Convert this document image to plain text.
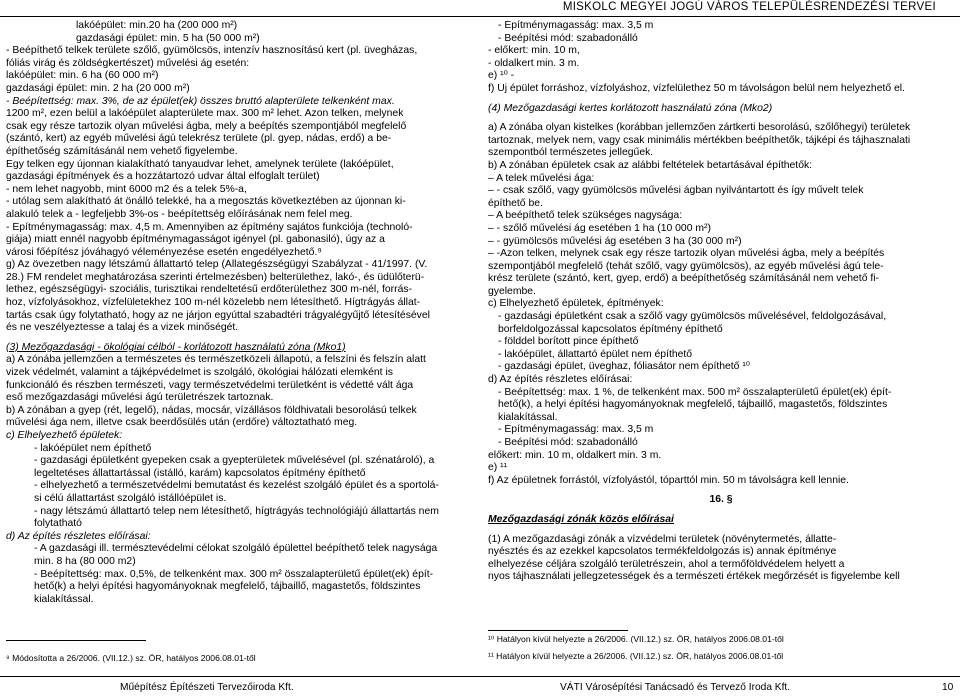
MISKOLC MEGYEI JOGÚ VÁROS TELEPÜLÉSRENDEZÉSI TERVEI
lakóépület: min.20 ha (200 000 m²)
gazdasági épület: min. 5 ha (50 000 m²)
- Beépíthető telkek területe szőlő, gyümölcsös, intenzív hasznosítású kert (pl. üvegházas,
fóliás virág és zöldségkertészet) művelési ág esetén:
lakóépület: min. 6 ha (60 000 m²)
gazdasági épület: min. 2 ha (20 000 m²)
- Beépítettség: max. 3%, de az épület(ek) összes bruttó alapterülete telkenként max.
1200 m², ezen belül a lakóépület alapterülete max. 300 m² lehet. Azon telken, melynek
csak egy része tartozik olyan művelési ágba, mely a beépítés szempontjából megfelelő
(szántó, kert) az egyéb művelési ágú telekrész területe (pl. gyep, nádas, erdő) a be-
építhetőség számításánál nem vehető figyelembe.
Egy telken egy újonnan kialakítható tanyaudvar lehet, amelynek területe (lakóépület,
gazdasági építmények és a hozzátartozó udvar által elfoglalt terület)
- nem lehet nagyobb, mint 6000 m2 és a telek 5%-a,
- utólag sem alakítható át önálló telekké, ha a megosztás következtében az újonnan ki-
alakuló telek a - legfeljebb 3%-os - beépítettség előírásának nem felel meg.
- Építménymagasság: max. 4,5 m. Amennyiben az építmény sajátos funkciója (technoló-
giája) miatt ennél nagyobb építménymagasságot igényel (pl. gabonasiló), úgy az a
városi főépítész jóváhagyó véleményezése esetén engedélyezhető.⁹
g) Az övezetben nagy létszámú állattartó telep (Állategészségügyi Szabályzat - 41/1997. (V.
28.) FM rendelet meghatározása szerinti értelmezésben) belterülethez, lakó-, és üdülőterü-
lethez, egészségügyi- szociális, turisztikai rendeltetésű erdőterülethez 300 m-nél, forrás-
hoz, vízfolyásokhoz, vízfelületekhez 100 m-nél közelebb nem létesíthető. Hígtrágyás állat-
tartás csak úgy folytatható, hogy az ne járjon egyúttal szabadtéri trágyalégyűjtő létesítésével
és ne veszélyeztesse a talaj és a vizek minőségét.
(3) Mezőgazdasági - ökológiai célból - korlátozott használatú zóna (Mko1)
a) A zónába jellemzően a természetes és természetközeli állapotú, a felszíni és felszín alatt
vizek védelmét, valamint a tájképvédelmet is szolgáló, ökológiai hálózati elemként is
funkcionáló és részben természeti, vagy természetvédelmi területként is védetté vált ága
eső mezőgazdasági művelési ágú területrészek tartoznak.
b) A zónában a gyep (rét, legelő), nádas, mocsár, vízállásos földhivatali besorolású telkek
művelési ága nem, illetve csak beerdősülés után (erdőre) változtatható meg.
c) Elhelyezhető épületek:
- lakóépület nem építhető
- gazdasági épületként gyepeken csak a gyepterületek művelésével (pl. szénatároló), a
legeltetéses állattartással (istálló, karám) kapcsolatos építmény építhető
- elhelyezhető a természetvédelmi bemutatást és kezelést szolgáló épület és a sportolá-
si célú állattartást szolgáló istállóépület is.
- nagy létszámú állattartó telep nem létesíthető, hígtrágyás technológiájú állattartás nem
folytatható
d) Az építés részletes előírásai:
- A gazdasági ill. természtevédelmi célokat szolgáló épülettel beépíthető telek nagysága
min. 8 ha (80 000 m2)
- Beépítettség: max. 0,5%, de telkenként max. 300 m² összalapterületű épület(ek) épít-
hető(k) a helyi építési hagyományoknak megfelelő, tájbaillő, magastetős, földszintes
kialakítással.
- Építménymagasság: max. 3,5 m
- Beépítési mód: szabadonálló
- előkert: min. 10 m,
- oldalkert min. 3 m.
e) ¹⁰ -
f) Új épület forráshoz, vízfolyáshoz, vízfelülethez 50 m távolságon belül nem helyezhető el.
(4) Mezőgazdasági kertes korlátozott használatú zóna (Mko2)
a) A zónába olyan kistelkes (korábban jellemzően zártkerti besorolású, szőlőhegyi) területek
tartoznak, melyek nem, vagy csak minimális mértékben beépíthetők, tájképi és tájhasznalati
szempontból természetes jellegűek.
b) A zónában épületek csak az alábbi feltételek betartásával építhetők:
– A telek művelési ága:
– - csak szőlő, vagy gyümölcsös művelési ágban nyilvántartott és így művelt telek
építhető be.
– A beépíthető telek szükséges nagysága:
– - szőlő művelési ág esetében 1 ha (10 000 m²)
– - gyümölcsös művelési ág esetében 3 ha (30 000 m²)
– -Azon telken, melynek csak egy része tartozik olyan művelési ágba, mely a beépítés
szempontjából megfelelő (tehát szőlő, vagy gyümölcsös), az egyéb művelési ágú tele-
krész területe (szántó, kert, gyep, erdő) a beépíthetőség számításánál nem vehető fi-
gyelembe.
c) Elhelyezhető épületek, építmények:
- gazdasági épületként csak a szőlő vagy gyümölcsös művelésével, feldolgozásával,
borfeldolgozással kapcsolatos építmény építhető
- földdel borított pince építhető
- lakóépület, állattartó épület nem építhető
- gazdasági épület, üveghaz, fóliasátor nem építhető ¹⁰
d) Az építés részletes előírásai:
- Beépítettség: max. 1 %, de telkenként max. 500 m² összalapterületű épület(ek) épít-
hető(k), a helyi építési hagyományoknak megfelelő, tájbaillő, magastetős, földszintes
kialakítással.
- Építménymagasság: max. 3,5 m
- Beépítési mód: szabadonálló
előkert: min. 10 m, oldalkert min. 3 m.
e) ¹¹
f) Az épületnek forrástól, vízfolyástól, tóparttól min. 50 m távolságra kell lennie.
16. §
Mezőgazdasági zónák közös előírásai
(1) A mezőgazdasági zónák a vízvédelmi területek (növénytermetés, állatte-
nyésztés és az ezekkel kapcsolatos termékfeldolgozás is) annak építménye
elhelyezése céljára szolgáló területrészein, ahol a termőföldvédelem helyett a
nyos tájhasználati jellegzetességek és a természeti értékek megőrzését is figyelembe kell
⁹ Módosította a 26/2006. (VII.12.) sz. ÖR, hatályos 2006.08.01-től
¹⁰ Hatályon kívül helyezte a 26/2006. (VII.12.) sz. ÖR, hatályos 2006.08.01-től
¹¹ Hatályon kívül helyezte a 26/2006. (VII.12.) sz. ÖR, hatályos 2006.08.01-től
Műépítész Építészeti Tervezőiroda Kft.	VÁTI Városépítési Tanácsadó és Tervező Iroda Kft.	10
